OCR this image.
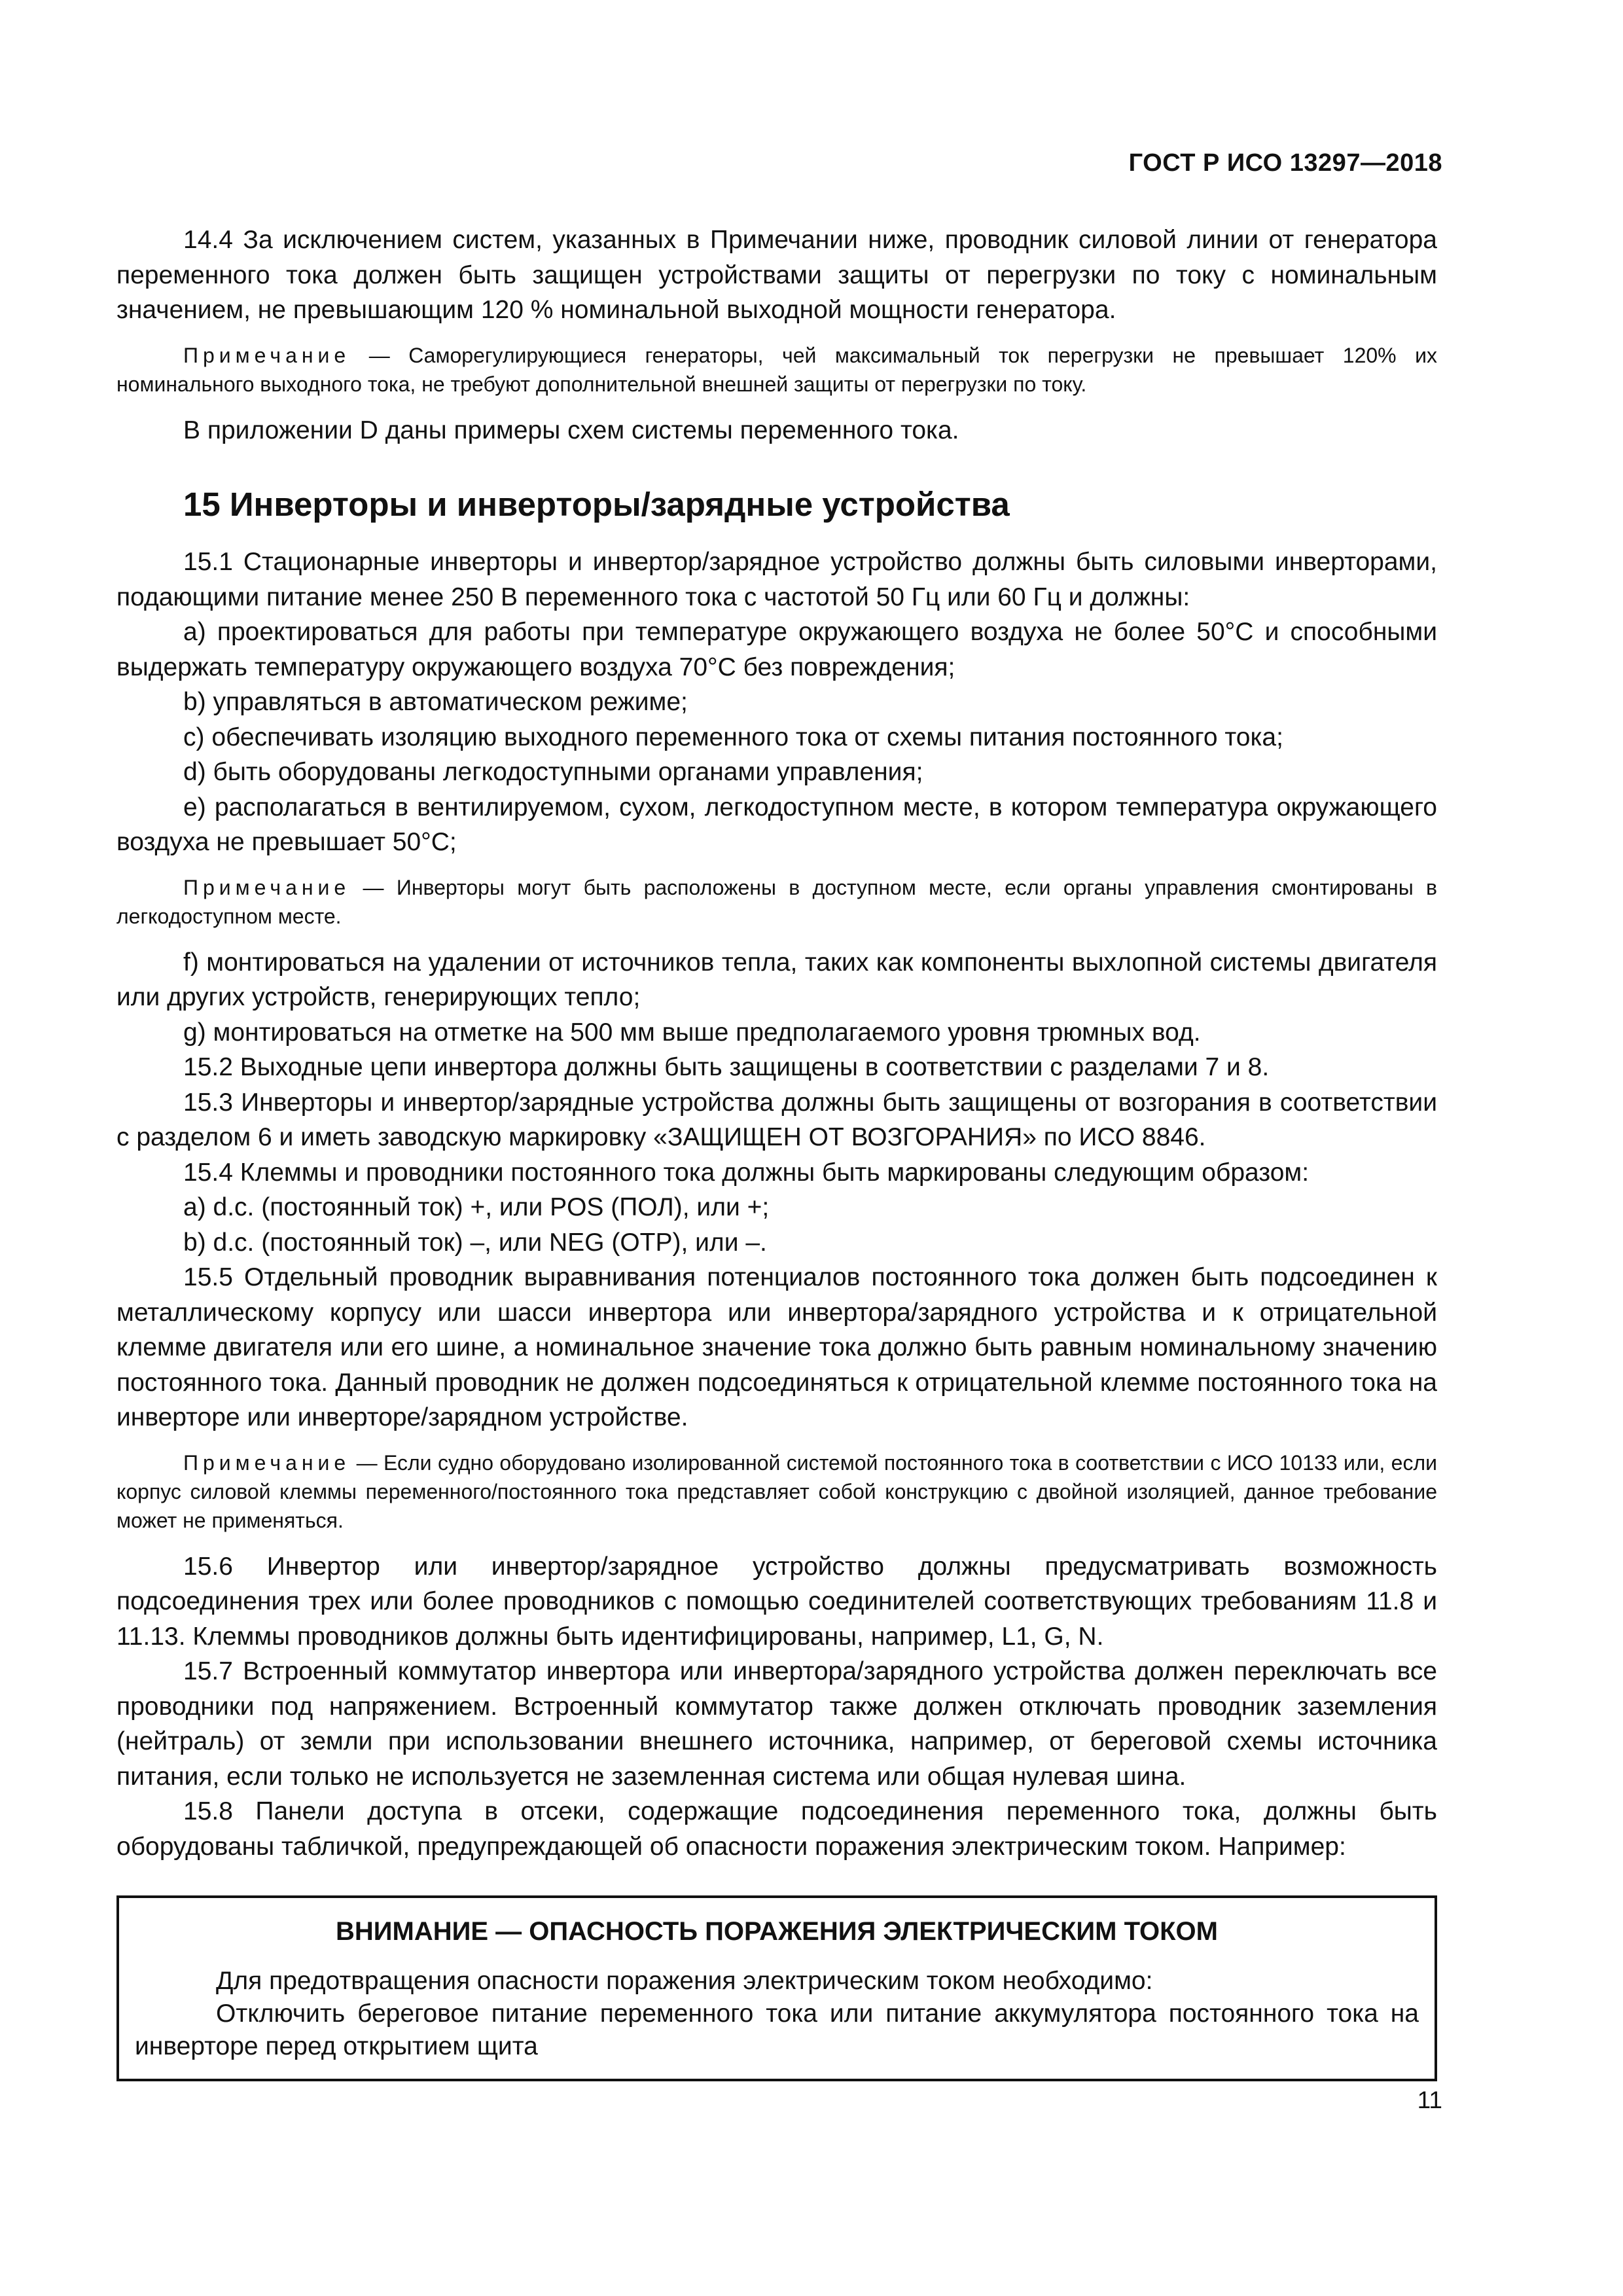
ГОСТ Р ИСО 13297—2018

14.4 За исключением систем, указанных в Примечании ниже, проводник силовой линии от генератора переменного тока должен быть защищен устройствами защиты от перегрузки по току с номинальным значением, не превышающим 120 % номинальной выходной мощности генератора.

Примечание — Саморегулирующиеся генераторы, чей максимальный ток перегрузки не превышает 120% их номинального выходного тока, не требуют дополнительной внешней защиты от перегрузки по току.

В приложении D даны примеры схем системы переменного тока.

15 Инверторы и инверторы/зарядные устройства

15.1 Стационарные инверторы и инвертор/зарядное устройство должны быть силовыми инверторами, подающими питание менее 250 В переменного тока с частотой 50 Гц или 60 Гц и должны:

a) проектироваться для работы при температуре окружающего воздуха не более 50°С и способными выдержать температуру окружающего воздуха 70°С без повреждения;

b) управляться в автоматическом режиме;

c) обеспечивать изоляцию выходного переменного тока от схемы питания постоянного тока;

d) быть оборудованы легкодоступными органами управления;

e) располагаться в вентилируемом, сухом, легкодоступном месте, в котором температура окружающего воздуха не превышает 50°С;

Примечание — Инверторы могут быть расположены в доступном месте, если органы управления смонтированы в легкодоступном месте.

f) монтироваться на удалении от источников тепла, таких как компоненты выхлопной системы двигателя или других устройств, генерирующих тепло;

g) монтироваться на отметке на 500 мм выше предполагаемого уровня трюмных вод.

15.2 Выходные цепи инвертора должны быть защищены в соответствии с разделами 7 и 8.

15.3 Инверторы и инвертор/зарядные устройства должны быть защищены от возгорания в соответствии с разделом 6 и иметь заводскую маркировку «ЗАЩИЩЕН ОТ ВОЗГОРАНИЯ» по ИСО 8846.

15.4 Клеммы и проводники постоянного тока должны быть маркированы следующим образом:

a) d.c. (постоянный ток) +, или POS (ПОЛ), или +;

b) d.c. (постоянный ток) –, или NEG (ОТР), или –.

15.5 Отдельный проводник выравнивания потенциалов постоянного тока должен быть подсоединен к металлическому корпусу или шасси инвертора или инвертора/зарядного устройства и к отрицательной клемме двигателя или его шине, а номинальное значение тока должно быть равным номинальному значению постоянного тока. Данный проводник не должен подсоединяться к отрицательной клемме постоянного тока на инверторе или инверторе/зарядном устройстве.

Примечание — Если судно оборудовано изолированной системой постоянного тока в соответствии с ИСО 10133 или, если корпус силовой клеммы переменного/постоянного тока представляет собой конструкцию с двойной изоляцией, данное требование может не применяться.

15.6 Инвертор или инвертор/зарядное устройство должны предусматривать возможность подсоединения трех или более проводников с помощью соединителей соответствующих требованиям 11.8 и 11.13. Клеммы проводников должны быть идентифицированы, например, L1, G, N.

15.7 Встроенный коммутатор инвертора или инвертора/зарядного устройства должен переключать все проводники под напряжением. Встроенный коммутатор также должен отключать проводник заземления (нейтраль) от земли при использовании внешнего источника, например, от береговой схемы источника питания, если только не используется не заземленная система или общая нулевая шина.

15.8 Панели доступа в отсеки, содержащие подсоединения переменного тока, должны быть оборудованы табличкой, предупреждающей об опасности поражения электрическим током. Например:

ВНИМАНИЕ — ОПАСНОСТЬ ПОРАЖЕНИЯ ЭЛЕКТРИЧЕСКИМ ТОКОМ

Для предотвращения опасности поражения электрическим током необходимо:

Отключить береговое питание переменного тока или питание аккумулятора постоянного тока на инверторе перед открытием щита

11
